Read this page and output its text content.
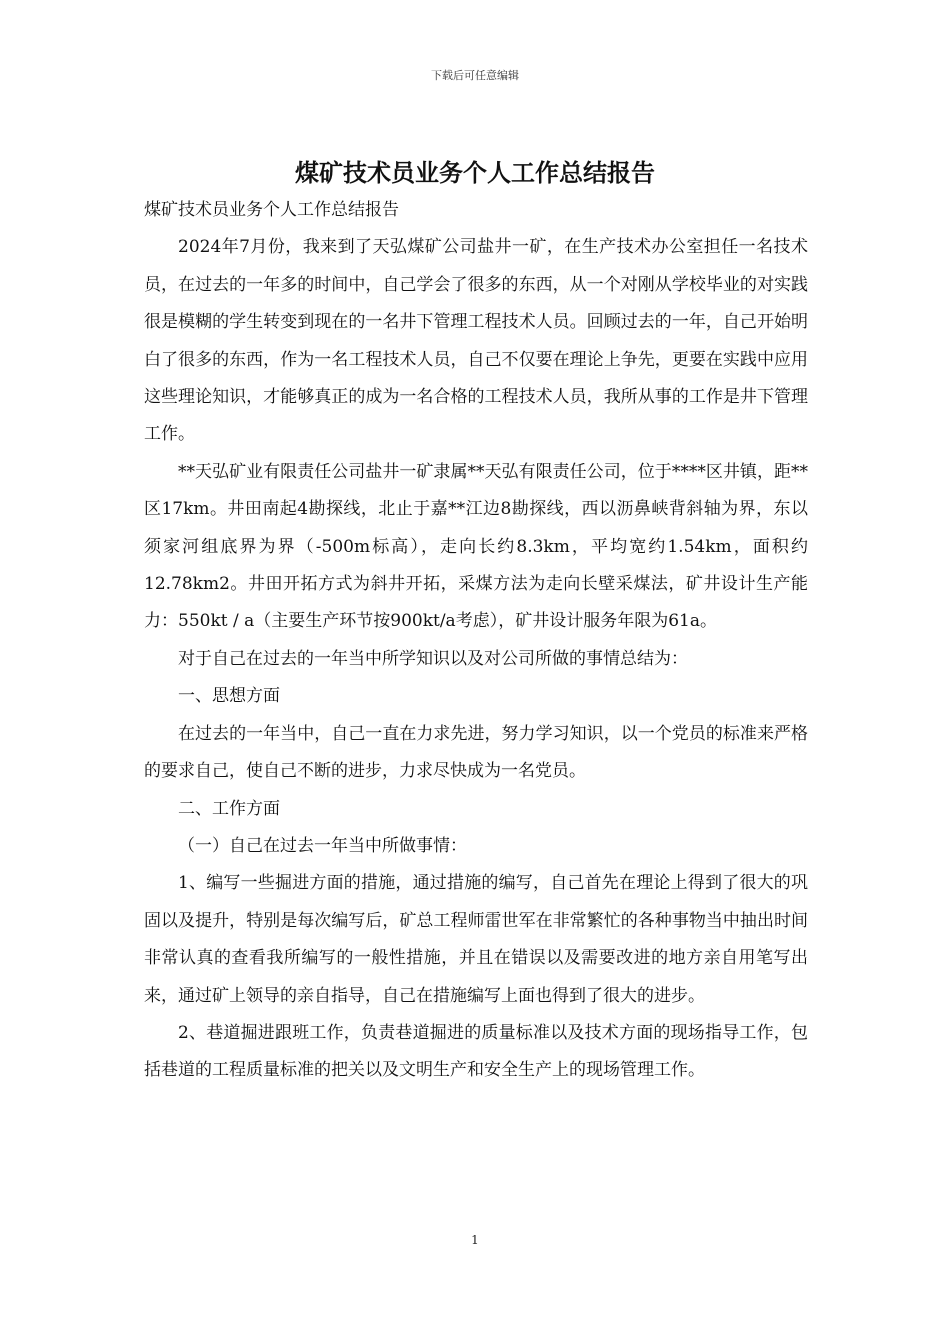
下载后可任意编辑
煤矿技术员业务个人工作总结报告

煤矿技术员业务个人工作总结报告

2024年7月份，我来到了天弘煤矿公司盐井一矿，在生产技术办公室担任一名技术员，在过去的一年多的时间中，自己学会了很多的东西，从一个对刚从学校毕业的对实践很是模糊的学生转变到现在的一名井下管理工程技术人员。回顾过去的一年，自己开始明白了很多的东西，作为一名工程技术人员，自己不仅要在理论上争先，更要在实践中应用这些理论知识，才能够真正的成为一名合格的工程技术人员，我所从事的工作是井下管理工作。

**天弘矿业有限责任公司盐井一矿隶属**天弘有限责任公司，位于****区井镇，距**区17km。井田南起4勘探线，北止于嘉**江边8勘探线，西以沥鼻峡背斜轴为界，东以须家河组底界为界（-500m标高），走向长约8.3km，平均宽约1.54km，面积约12.78km2。井田开拓方式为斜井开拓，采煤方法为走向长壁采煤法，矿井设计生产能力：550kt / a（主要生产环节按900kt/a考虑），矿井设计服务年限为61a。

对于自己在过去的一年当中所学知识以及对公司所做的事情总结为：

一、思想方面

在过去的一年当中，自己一直在力求先进，努力学习知识，以一个党员的标准来严格的要求自己，使自己不断的进步，力求尽快成为一名党员。

二、工作方面

（一）自己在过去一年当中所做事情：

1、编写一些掘进方面的措施，通过措施的编写，自己首先在理论上得到了很大的巩固以及提升，特别是每次编写后，矿总工程师雷世军在非常繁忙的各种事物当中抽出时间非常认真的查看我所编写的一般性措施，并且在错误以及需要改进的地方亲自用笔写出来，通过矿上领导的亲自指导，自己在措施编写上面也得到了很大的进步。

2、巷道掘进跟班工作，负责巷道掘进的质量标准以及技术方面的现场指导工作，包括巷道的工程质量标准的把关以及文明生产和安全生产上的现场管理工作。

1
